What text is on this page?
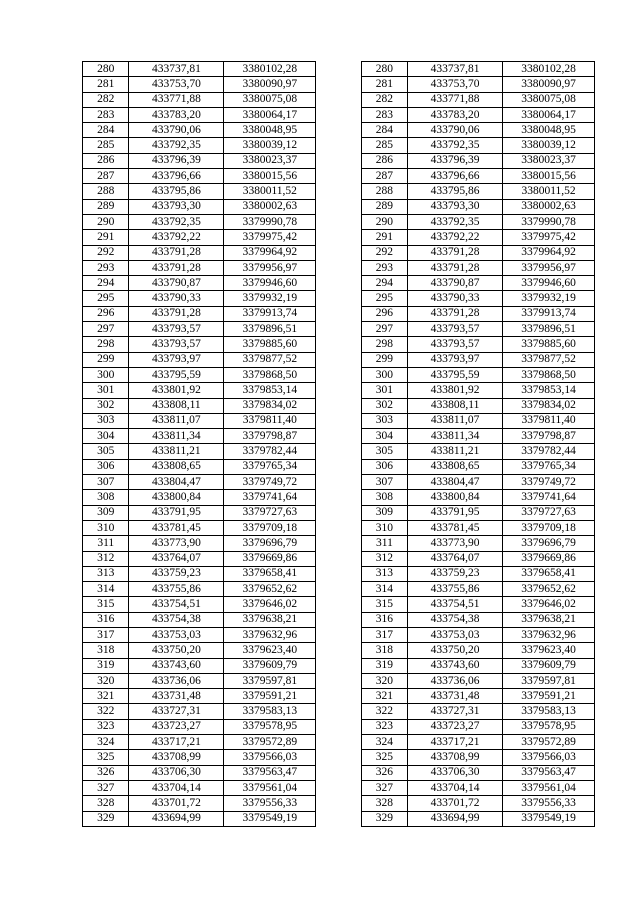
280	433737,81	3380102,28		280	433737,81	3380102,28
281	433753,70	3380090,97		281	433753,70	3380090,97
282	433771,88	3380075,08		282	433771,88	3380075,08
283	433783,20	3380064,17		283	433783,20	3380064,17
284	433790,06	3380048,95		284	433790,06	3380048,95
285	433792,35	3380039,12		285	433792,35	3380039,12
286	433796,39	3380023,37		286	433796,39	3380023,37
287	433796,66	3380015,56		287	433796,66	3380015,56
288	433795,86	3380011,52		288	433795,86	3380011,52
289	433793,30	3380002,63		289	433793,30	3380002,63
290	433792,35	3379990,78		290	433792,35	3379990,78
291	433792,22	3379975,42		291	433792,22	3379975,42
292	433791,28	3379964,92		292	433791,28	3379964,92
293	433791,28	3379956,97		293	433791,28	3379956,97
294	433790,87	3379946,60		294	433790,87	3379946,60
295	433790,33	3379932,19		295	433790,33	3379932,19
296	433791,28	3379913,74		296	433791,28	3379913,74
297	433793,57	3379896,51		297	433793,57	3379896,51
298	433793,57	3379885,60		298	433793,57	3379885,60
299	433793,97	3379877,52		299	433793,97	3379877,52
300	433795,59	3379868,50		300	433795,59	3379868,50
301	433801,92	3379853,14		301	433801,92	3379853,14
302	433808,11	3379834,02		302	433808,11	3379834,02
303	433811,07	3379811,40		303	433811,07	3379811,40
304	433811,34	3379798,87		304	433811,34	3379798,87
305	433811,21	3379782,44		305	433811,21	3379782,44
306	433808,65	3379765,34		306	433808,65	3379765,34
307	433804,47	3379749,72		307	433804,47	3379749,72
308	433800,84	3379741,64		308	433800,84	3379741,64
309	433791,95	3379727,63		309	433791,95	3379727,63
310	433781,45	3379709,18		310	433781,45	3379709,18
311	433773,90	3379696,79		311	433773,90	3379696,79
312	433764,07	3379669,86		312	433764,07	3379669,86
313	433759,23	3379658,41		313	433759,23	3379658,41
314	433755,86	3379652,62		314	433755,86	3379652,62
315	433754,51	3379646,02		315	433754,51	3379646,02
316	433754,38	3379638,21		316	433754,38	3379638,21
317	433753,03	3379632,96		317	433753,03	3379632,96
318	433750,20	3379623,40		318	433750,20	3379623,40
319	433743,60	3379609,79		319	433743,60	3379609,79
320	433736,06	3379597,81		320	433736,06	3379597,81
321	433731,48	3379591,21		321	433731,48	3379591,21
322	433727,31	3379583,13		322	433727,31	3379583,13
323	433723,27	3379578,95		323	433723,27	3379578,95
324	433717,21	3379572,89		324	433717,21	3379572,89
325	433708,99	3379566,03		325	433708,99	3379566,03
326	433706,30	3379563,47		326	433706,30	3379563,47
327	433704,14	3379561,04		327	433704,14	3379561,04
328	433701,72	3379556,33		328	433701,72	3379556,33
329	433694,99	3379549,19		329	433694,99	3379549,19
